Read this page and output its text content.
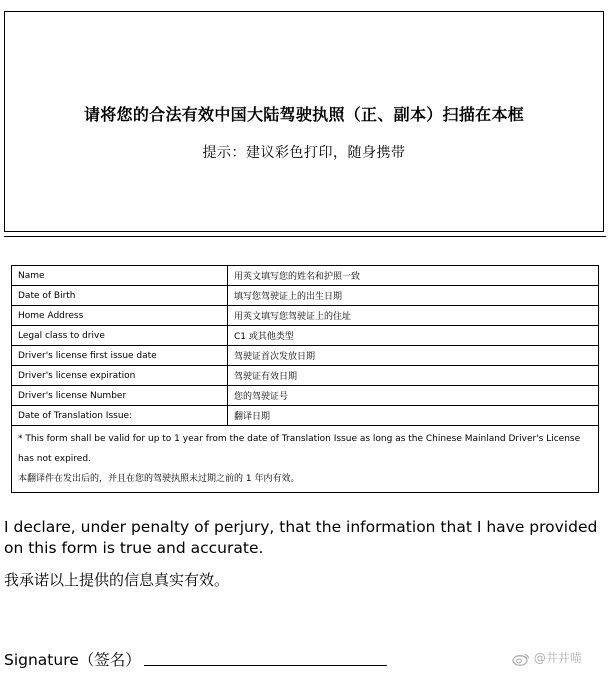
请将您的合法有效中国大陆驾驶执照（正、副本）扫描在本框
提示：建议彩色打印，随身携带
Name	用英文填写您的姓名和护照一致
Date of Birth	填写您驾驶证上的出生日期
Home Address	用英文填写您驾驶证上的住址
Legal class to drive	C1 或其他类型
Driver's license first issue date	驾驶证首次发放日期
Driver's license expiration	驾驶证有效日期
Driver's license Number	您的驾驶证号
Date of Translation Issue:	翻译日期

* This form shall be valid for up to 1 year from the date of Translation Issue as long as the Chinese Mainland Driver's License has not expired.
本翻译件在发出后的，并且在您的驾驶执照未过期之前的 1 年内有效。	
I declare, under penalty of perjury, that the information that I have provided on this form is true and accurate.
我承诺以上提供的信息真实有效。
Signature（签名）	@井井喵
